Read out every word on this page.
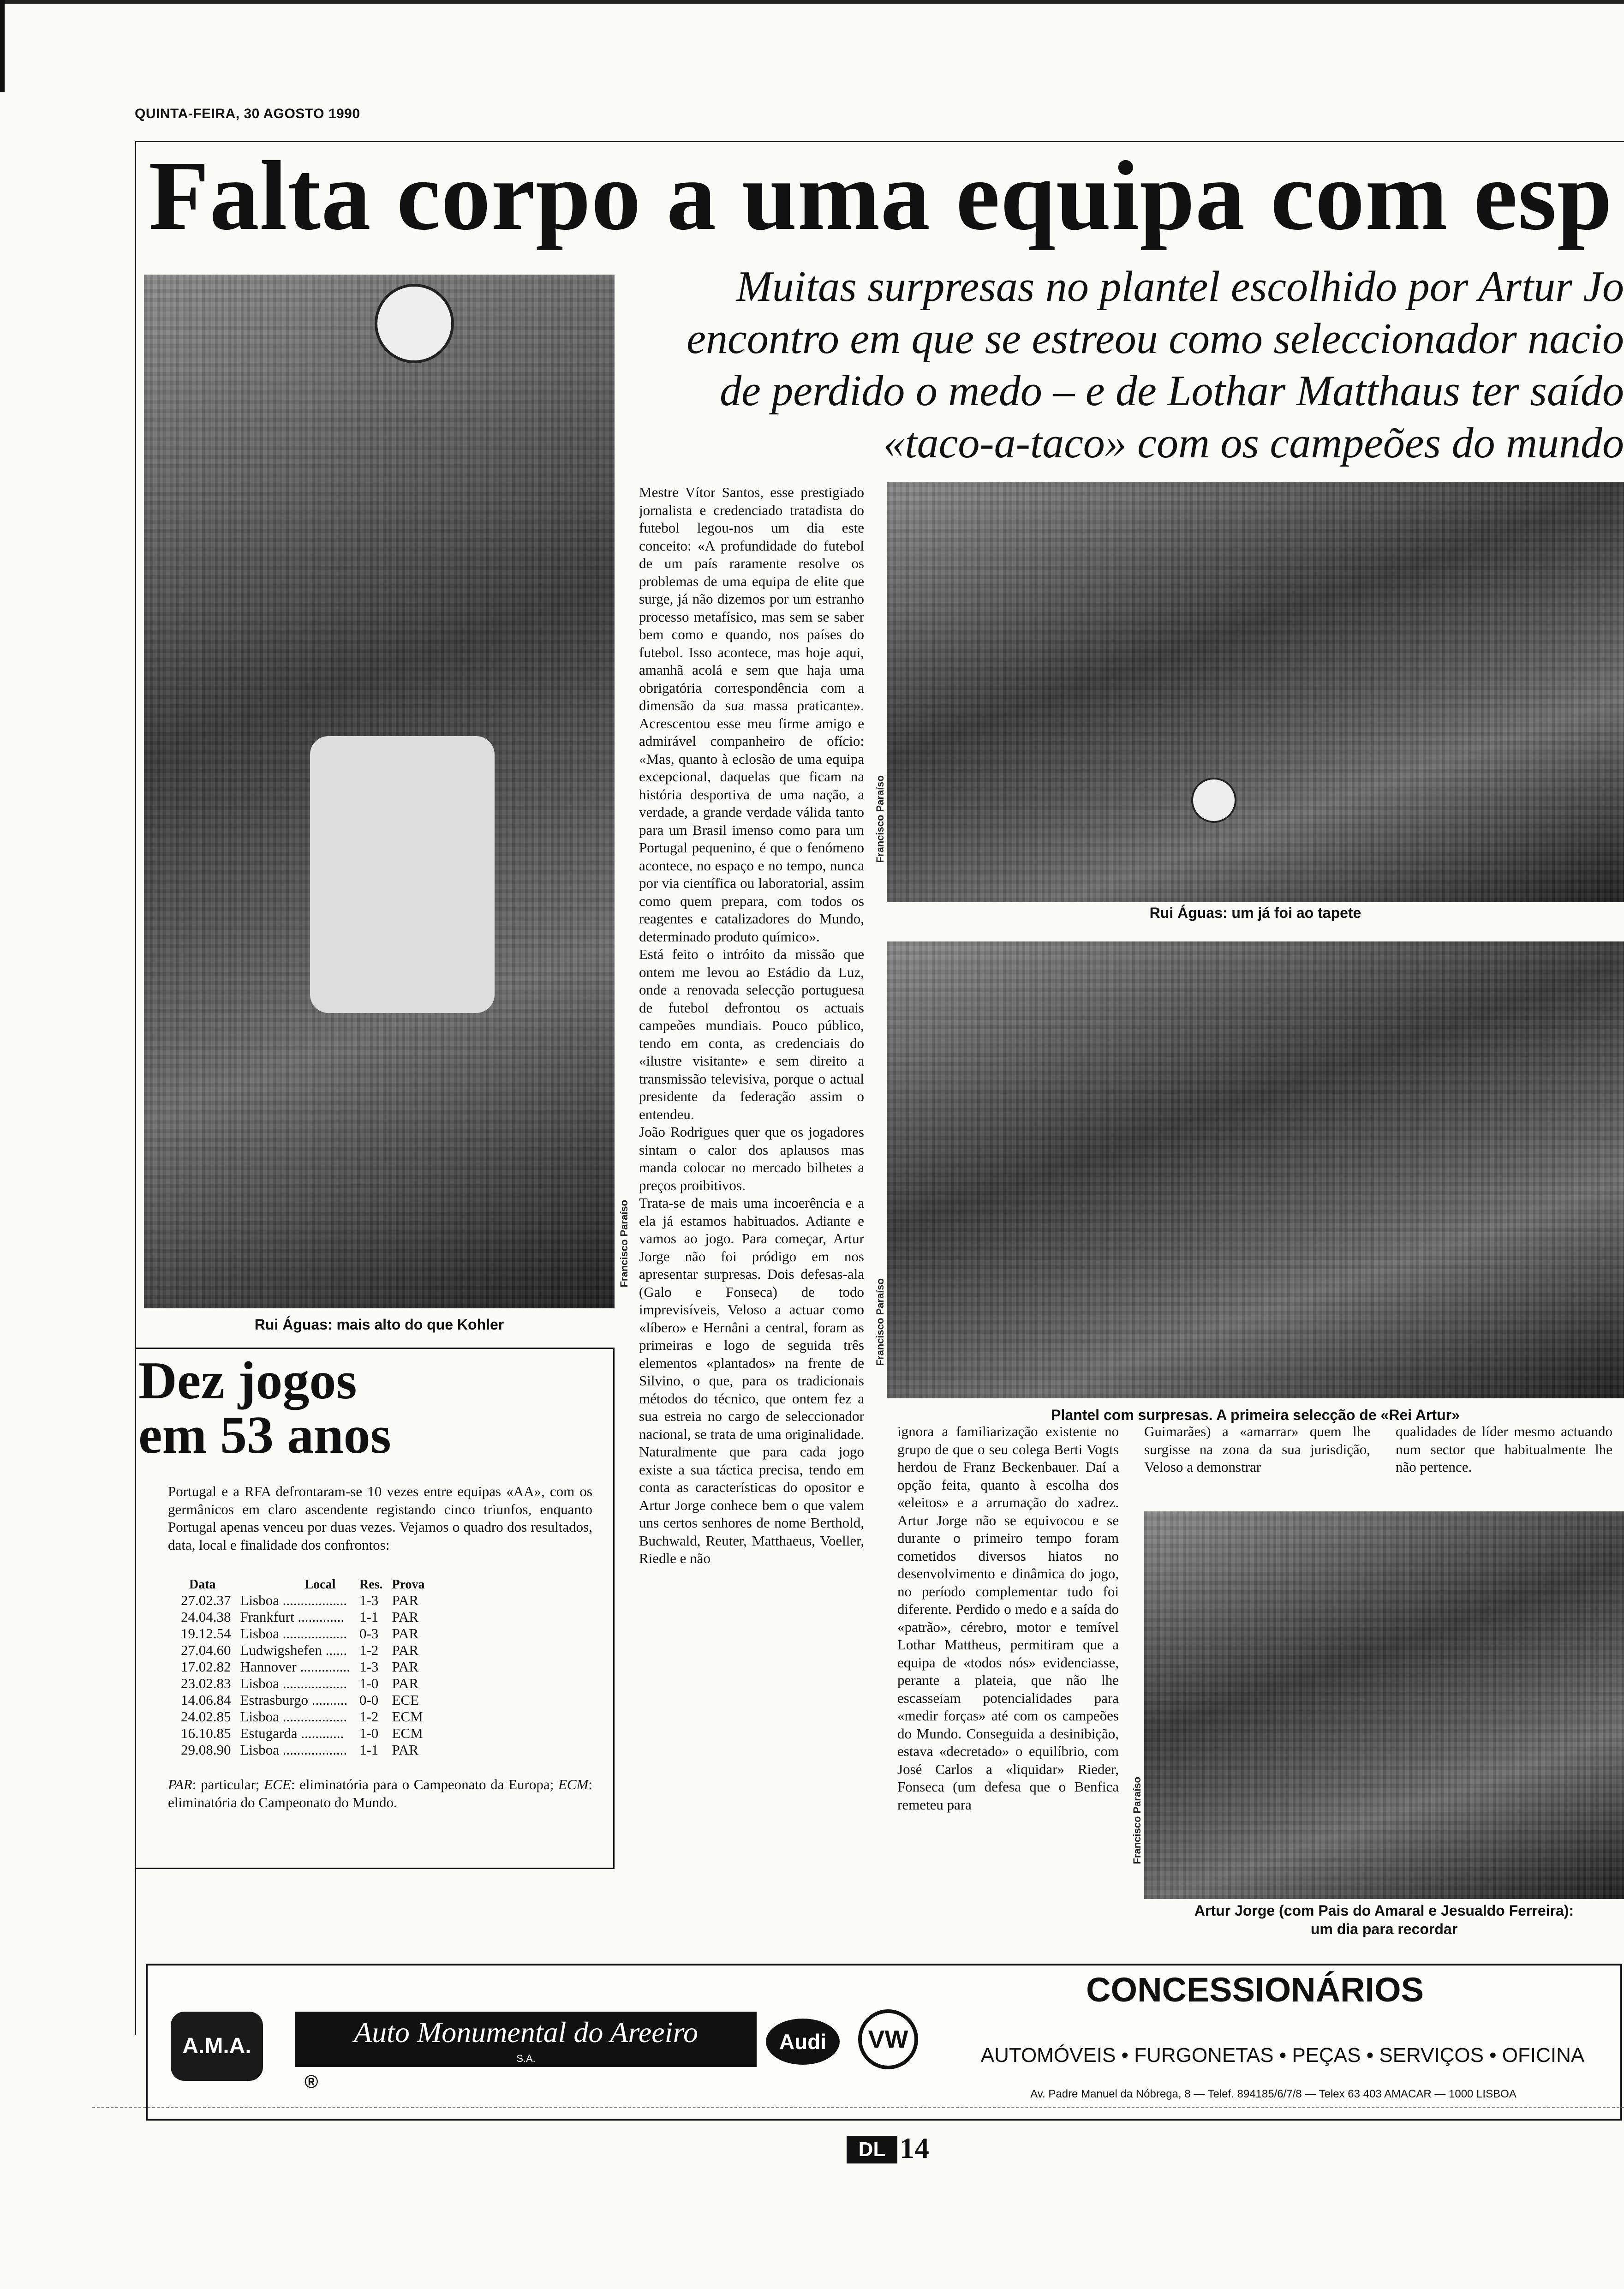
QUINTA-FEIRA, 30 AGOSTO 1990
Falta corpo a uma equipa com esp
Muitas surpresas no plantel escolhido por Artur Jo
encontro em que se estreou como seleccionador nacio
de perdido o medo – e de Lothar Matthaus ter saído
«taco-a-taco» com os campeões do mundo
Francisco Paraíso
Rui Águas: mais alto do que Kohler
Dez jogos
em 53 anos
Portugal e a RFA defrontaram-se 10 vezes entre equipas «AA», com os germânicos em claro ascendente registando cinco triunfos, enquanto Portugal apenas venceu por duas vezes. Vejamos o quadro dos resultados, data, local e finalidade dos confrontos:
Data	Local	Res.	Prova
27.02.37	Lisboa ..................	1-3	PAR
24.04.38	Frankfurt .............	1-1	PAR
19.12.54	Lisboa ..................	0-3	PAR
27.04.60	Ludwigshefen ......	1-2	PAR
17.02.82	Hannover ..............	1-3	PAR
23.02.83	Lisboa ..................	1-0	PAR
14.06.84	Estrasburgo ..........	0-0	ECE
24.02.85	Lisboa ..................	1-2	ECM
16.10.85	Estugarda ............	1-0	ECM
29.08.90	Lisboa ..................	1-1	PAR
PAR: particular; ECE: eliminatória para o Campeonato da Europa; ECM: eliminatória do Campeonato do Mundo.
Mestre Vítor Santos, esse prestigiado jornalista e credenciado tratadista do futebol legou-nos um dia este conceito: «A profundidade do futebol de um país raramente resolve os problemas de uma equipa de elite que surge, já não dizemos por um estranho processo metafísico, mas sem se saber bem como e quando, nos países do futebol. Isso acontece, mas hoje aqui, amanhã acolá e sem que haja uma obrigatória correspondência com a dimensão da sua massa praticante». Acrescentou esse meu firme amigo e admirável companheiro de ofício: «Mas, quanto à eclosão de uma equipa excepcional, daquelas que ficam na história desportiva de uma nação, a verdade, a grande verdade válida tanto para um Brasil imenso como para um Portugal pequenino, é que o fenómeno acontece, no espaço e no tempo, nunca por via científica ou laboratorial, assim como quem prepara, com todos os reagentes e catalizadores do Mundo, determinado produto químico».
Está feito o intróito da missão que ontem me levou ao Estádio da Luz, onde a renovada selecção portuguesa de futebol defrontou os actuais campeões mundiais. Pouco público, tendo em conta, as credenciais do «ilustre visitante» e sem direito a transmissão televisiva, porque o actual presidente da federação assim o entendeu.
João Rodrigues quer que os jogadores sintam o calor dos aplausos mas manda colocar no mercado bilhetes a preços proibitivos.
Trata-se de mais uma incoerência e a ela já estamos habituados. Adiante e vamos ao jogo. Para começar, Artur Jorge não foi pródigo em nos apresentar surpresas. Dois defesas-ala (Galo e Fonseca) de todo imprevisíveis, Veloso a actuar como «líbero» e Hernâni a central, foram as primeiras e logo de seguida três elementos «plantados» na frente de Silvino, o que, para os tradicionais métodos do técnico, que ontem fez a sua estreia no cargo de seleccionador nacional, se trata de uma originalidade. Naturalmente que para cada jogo existe a sua táctica precisa, tendo em conta as características do opositor e Artur Jorge conhece bem o que valem uns certos senhores de nome Berthold, Buchwald, Reuter, Matthaeus, Voeller, Riedle e não
Francisco Paraíso
Rui Águas: um já foi ao tapete
Francisco Paraíso
Plantel com surpresas. A primeira selecção de «Rei Artur»
ignora a familiarização existente no grupo de que o seu colega Berti Vogts herdou de Franz Beckenbauer. Daí a opção feita, quanto à escolha dos «eleitos» e a arrumação do xadrez. Artur Jorge não se equivocou e se durante o primeiro tempo foram cometidos diversos hiatos no desenvolvimento e dinâmica do jogo, no período complementar tudo foi diferente. Perdido o medo e a saída do «patrão», cérebro, motor e temível Lothar Mattheus, permitiram que a equipa de «todos nós» evidenciasse, perante a plateia, que não lhe escasseiam potencialidades para «medir forças» até com os campeões do Mundo. Conseguida a desinibição, estava «decretado» o equilíbrio, com José Carlos a «liquidar» Rieder, Fonseca (um defesa que o Benfica remeteu para
Guimarães) a «amarrar» quem lhe surgisse na zona da sua jurisdição, Veloso a demonstrar
qualidades de líder mesmo actuando num sector que habitualmente lhe não pertence.
Francisco Paraíso
Artur Jorge (com Pais do Amaral e Jesualdo Ferreira):
um dia para recordar
A.M.A.	Auto Monumental do Areeiro
S.A.
®
Audi	VW
CONCESSIONÁRIOS
AUTOMÓVEIS • FURGONETAS • PEÇAS • SERVIÇOS • OFICINA
Av. Padre Manuel da Nóbrega, 8 — Telef. 894185/6/7/8 — Telex 63 403 AMACAR — 1000 LISBOA
DL 14
